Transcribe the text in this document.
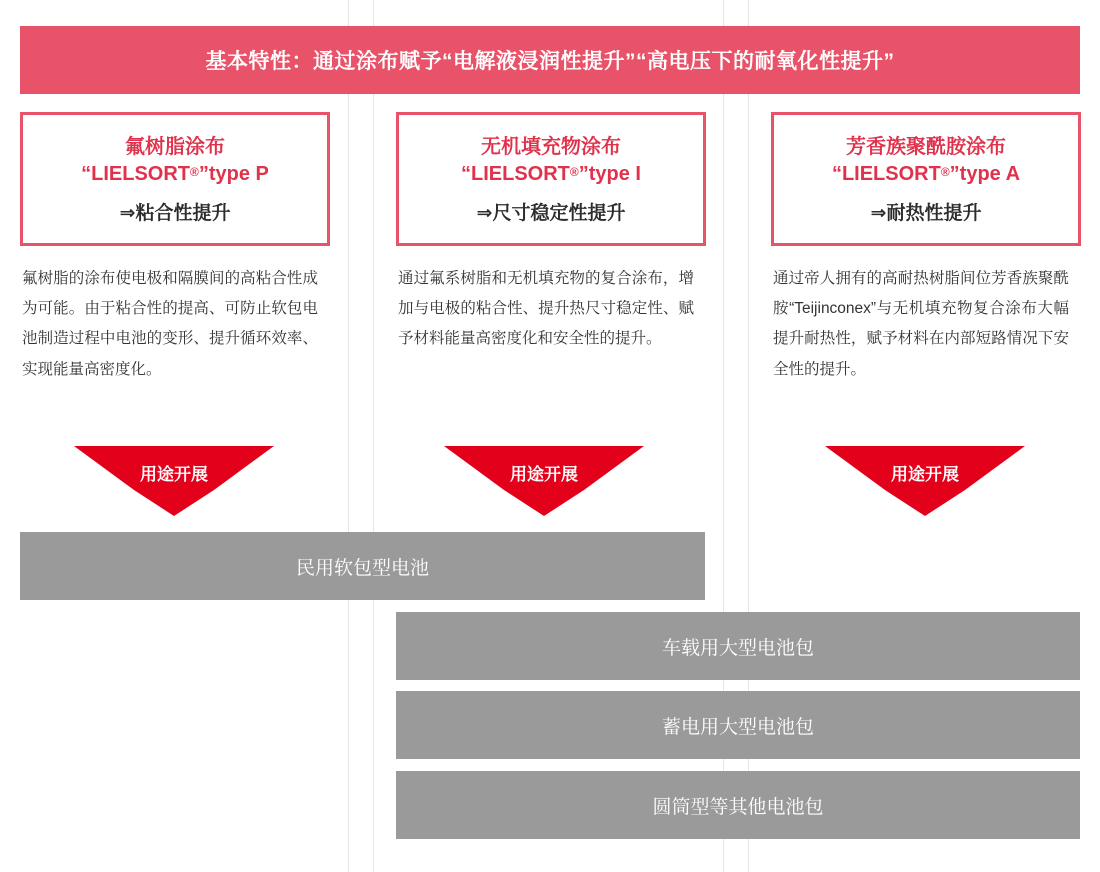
基本特性：通过涂布赋予“电解液浸润性提升”“高电压下的耐氧化性提升”
氟树脂涂布
“LIELSORT®”type P
⇒粘合性提升
无机填充物涂布
“LIELSORT®”type I
⇒尺寸稳定性提升
芳香族聚酰胺涂布
“LIELSORT®”type A
⇒耐热性提升
氟树脂的涂布使电极和隔膜间的高粘合性成为可能。由于粘合性的提高、可防止软包电池制造过程中电池的变形、提升循环效率、实现能量高密度化。
通过氟系树脂和无机填充物的复合涂布，增加与电极的粘合性、提升热尺寸稳定性、赋予材料能量高密度化和安全性的提升。
通过帝人拥有的高耐热树脂间位芳香族聚酰胺“Teijinconex”与无机填充物复合涂布大幅提升耐热性，赋予材料在内部短路情况下安全性的提升。
用途开展	用途开展	用途开展
民用软包型电池
车载用大型电池包
蓄电用大型电池包
圆筒型等其他电池包
